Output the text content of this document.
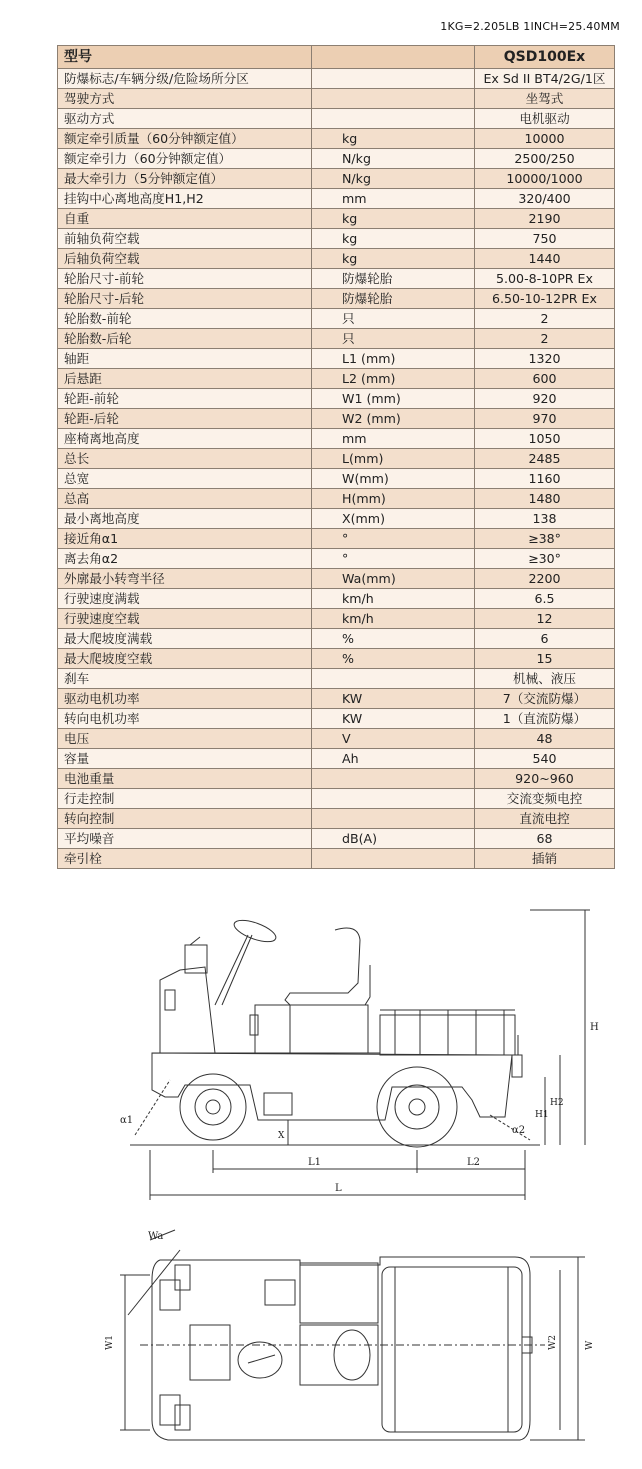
1KG=2.205LB 1INCH=25.40MM
型号		QSD100Ex
防爆标志/车辆分级/危险场所分区		Ex Sd II BT4/2G/1区
驾驶方式		坐驾式
驱动方式		电机驱动
额定牵引质量（60分钟额定值）	kg	10000
额定牵引力（60分钟额定值）	N/kg	2500/250
最大牵引力（5分钟额定值）	N/kg	10000/1000
挂钩中心离地高度H1,H2	mm	320/400
自重	kg	2190
前轴负荷空载	kg	750
后轴负荷空载	kg	1440
轮胎尺寸-前轮	防爆轮胎	5.00-8-10PR Ex
轮胎尺寸-后轮	防爆轮胎	6.50-10-12PR Ex
轮胎数-前轮	只	2
轮胎数-后轮	只	2
轴距	L1 (mm)	1320
后悬距	L2 (mm)	600
轮距-前轮	W1 (mm)	920
轮距-后轮	W2 (mm)	970
座椅离地高度	mm	1050
总长	L(mm)	2485
总宽	W(mm)	1160
总高	H(mm)	1480
最小离地高度	X(mm)	138
接近角α1	°	≥38°
离去角α2	°	≥30°
外廓最小转弯半径	Wa(mm)	2200
行驶速度满载	km/h	6.5
行驶速度空载	km/h	12
最大爬坡度满载	%	6
最大爬坡度空载	%	15
刹车		机械、液压
驱动电机功率	KW	7（交流防爆）
转向电机功率	KW	1（直流防爆）
电压	V	48
容量	Ah	540
电池重量		920~960
行走控制		交流变频电控
转向控制		直流电控
平均噪音	dB(A)	68
牵引栓		插销
L1	L2
L
H
H1
H2
X
α1
α2
Wa
W1	W2	W
